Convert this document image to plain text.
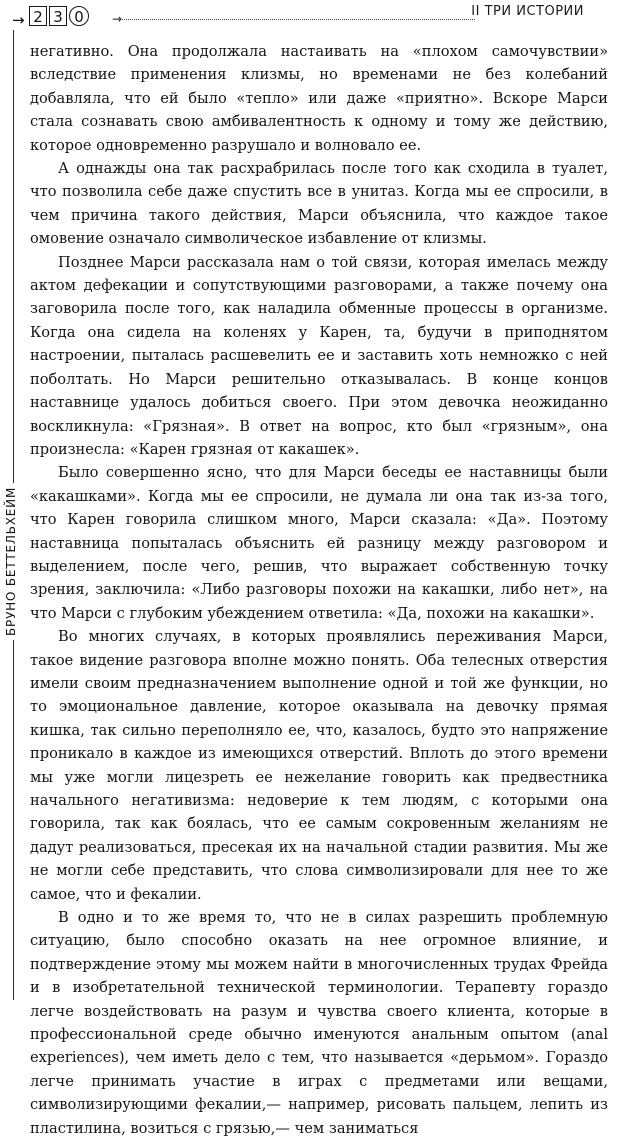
→ 2 3 0	→	II ТРИ ИСТОРИИ
БРУНО БЕТТЕЛЬХЕЙМ

негативно. Она продолжала настаивать на «плохом самочувствии» вследствие применения клизмы, но временами не без колебаний добавляла, что ей было «тепло» или даже «приятно». Вскоре Марси стала сознавать свою амбивалентность к одному и тому же действию, которое одновременно разрушало и волновало ее.

А однажды она так расхрабрилась после того как сходила в туалет, что позволила себе даже спустить все в унитаз. Когда мы ее спросили, в чем причина такого действия, Марси объяснила, что каждое такое омовение означало символическое избавление от клизмы.

Позднее Марси рассказала нам о той связи, которая имелась между актом дефекации и сопутствующими разговорами, а также почему она заговорила после того, как наладила обменные процессы в организме. Когда она сидела на коленях у Карен, та, будучи в приподнятом настроении, пыталась расшевелить ее и заставить хоть немножко с ней поболтать. Но Марси решительно отказывалась. В конце концов наставнице удалось добиться своего. При этом девочка неожиданно воскликнула: «Грязная». В ответ на вопрос, кто был «грязным», она произнесла: «Карен грязная от какашек».

Было совершенно ясно, что для Марси беседы ее наставницы были «какашками». Когда мы ее спросили, не думала ли она так из-за того, что Карен говорила слишком много, Марси сказала: «Да». Поэтому наставница попыталась объяснить ей разницу между разговором и выделением, после чего, решив, что выражает собственную точку зрения, заключила: «Либо разговоры похожи на какашки, либо нет», на что Марси с глубоким убеждением ответила: «Да, похожи на какашки».

Во многих случаях, в которых проявлялись переживания Марси, такое видение разговора вполне можно понять. Оба телесных отверстия имели своим предназначением выполнение одной и той же функции, но то эмоциональное давление, которое оказывала на девочку прямая кишка, так сильно переполняло ее, что, казалось, будто это напряжение проникало в каждое из имеющихся отверстий. Вплоть до этого времени мы уже могли лицезреть ее нежелание говорить как предвестника начального негативизма: недоверие к тем людям, с которыми она говорила, так как боялась, что ее самым сокровенным желаниям не дадут реализоваться, пресекая их на начальной стадии развития. Мы же не могли себе представить, что слова символизировали для нее то же самое, что и фекалии.

В одно и то же время то, что не в силах разрешить проблемную ситуацию, было способно оказать на нее огромное влияние, и подтверждение этому мы можем найти в многочисленных трудах Фрейда и в изобретательной технической терминологии. Терапевту гораздо легче воздействовать на разум и чувства своего клиента, которые в профессиональной среде обычно именуются анальным опытом (anal experiences), чем иметь дело с тем, что называется «дерьмом». Гораздо легче принимать участие в играх с предметами или вещами, символизирующими фекалии,— например, рисовать пальцем, лепить из пластилина, возиться с грязью,— чем заниматься
